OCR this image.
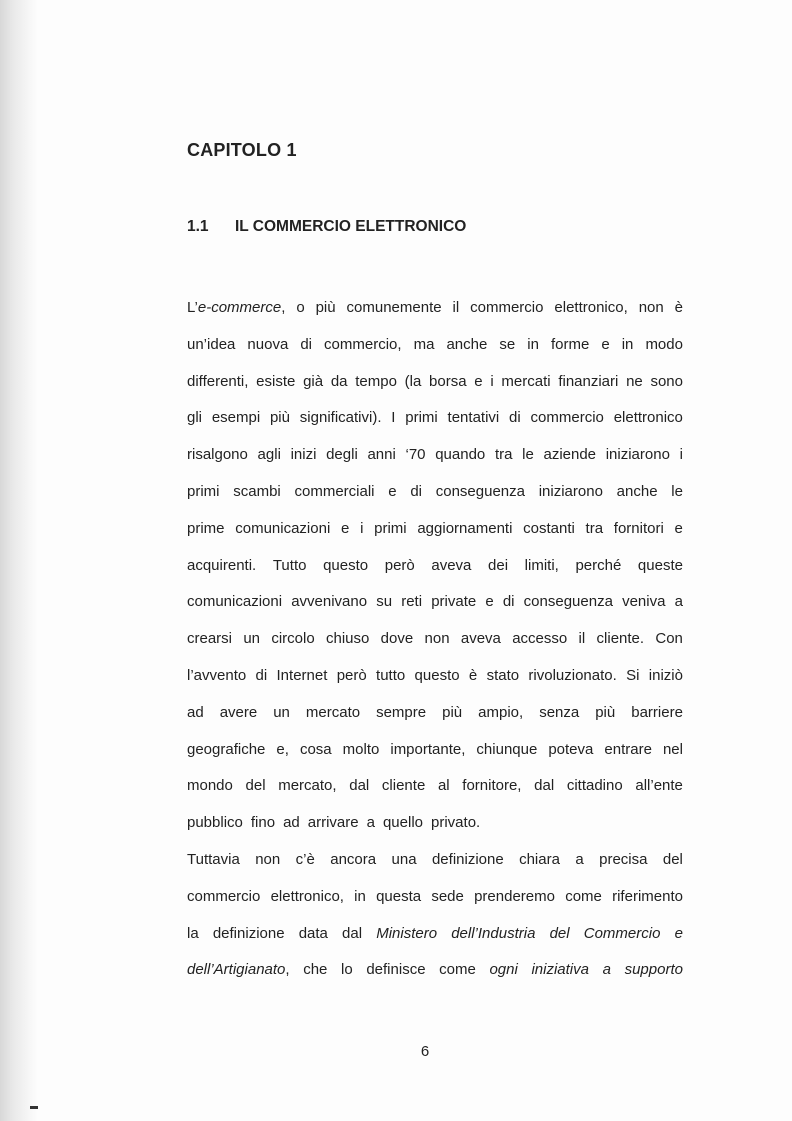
CAPITOLO 1
1.1 IL COMMERCIO ELETTRONICO
L’e-commerce, o più comunemente il commercio elettronico, non è
un’idea nuova di commercio, ma anche se in forme e in modo
differenti, esiste già da tempo (la borsa e i mercati finanziari ne sono
gli esempi più significativi). I primi tentativi di commercio elettronico
risalgono agli inizi degli anni ‘70 quando tra le aziende iniziarono i
primi scambi commerciali e di conseguenza iniziarono anche le
prime comunicazioni e i primi aggiornamenti costanti tra fornitori e
acquirenti. Tutto questo però aveva dei limiti, perché queste
comunicazioni avvenivano su reti private e di conseguenza veniva a
crearsi un circolo chiuso dove non aveva accesso il cliente. Con
l’avvento di Internet però tutto questo è stato rivoluzionato. Si iniziò
ad avere un mercato sempre più ampio, senza più barriere
geografiche e, cosa molto importante, chiunque poteva entrare nel
mondo del mercato, dal cliente al fornitore, dal cittadino all’ente
pubblico fino ad arrivare a quello privato.
Tuttavia non c’è ancora una definizione chiara a precisa del
commercio elettronico, in questa sede prenderemo come riferimento
la definizione data dal Ministero dell’Industria del Commercio e
dell’Artigianato, che lo definisce come ogni iniziativa a supporto
6
